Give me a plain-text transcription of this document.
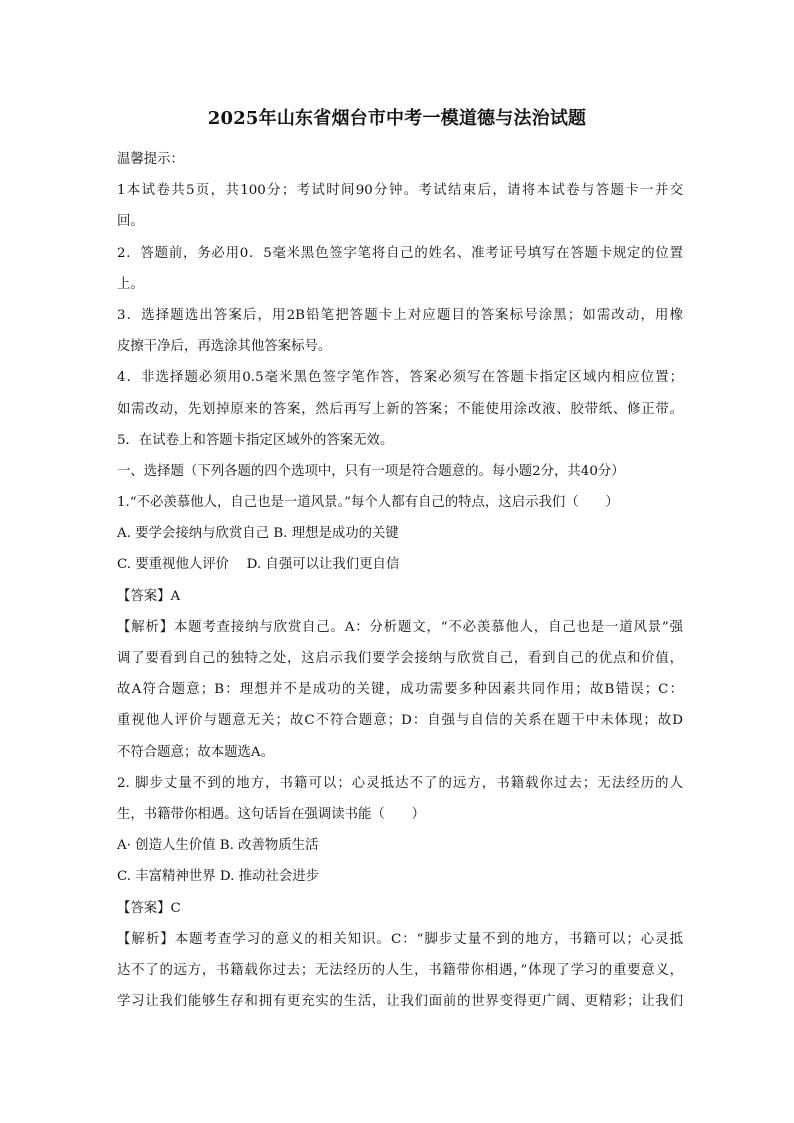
2025年山东省烟台市中考一模道德与法治试题
温馨提示：
1本试卷共5页，共100分；考试时间90分钟。考试结束后，请将本试卷与答题卡一并交
回。
2．答题前，务必用0．5毫米黑色签字笔将自己的姓名、准考证号填写在答题卡规定的位置
上。
3．选择题选出答案后，用2B铅笔把答题卡上对应题目的答案标号涂黑；如需改动，用橡
皮擦干净后，再选涂其他答案标号。
4．非选择题必须用0.5毫米黑色签字笔作答，答案必须写在答题卡指定区域内相应位置；
如需改动，先划掉原来的答案，然后再写上新的答案；不能使用涂改液、胶带纸、修正带。
5．在试卷上和答题卡指定区域外的答案无效。
一、选择题（下列各题的四个选项中，只有一项是符合题意的。每小题2分，共40分）
1.“不必羡慕他人，自己也是一道风景。”每个人都有自己的特点，这启示我们（　　）
A. 要学会接纳与欣赏自己 B. 理想是成功的关键
C. 要重视他人评价　 D. 自强可以让我们更自信
【答案】A
【解析】本题考查接纳与欣赏自己。A：分析题文，“不必羡慕他人，自己也是一道风景”强
调了要看到自己的独特之处，这启示我们要学会接纳与欣赏自己，看到自己的优点和价值，
故A符合题意；B：理想并不是成功的关键，成功需要多种因素共同作用；故B错误；C：
重视他人评价与题意无关；故C不符合题意；D：自强与自信的关系在题干中未体现；故D
不符合题意；故本题选A。
2. 脚步丈量不到的地方，书籍可以；心灵抵达不了的远方，书籍载你过去；无法经历的人
生，书籍带你相遇。这句话旨在强调读书能（　　）
A· 创造人生价值 B. 改善物质生活
C. 丰富精神世界 D. 推动社会进步
【答案】C
【解析】本题考查学习的意义的相关知识。C：“脚步丈量不到的地方，书籍可以；心灵抵
达不了的远方，书籍载你过去；无法经历的人生，书籍带你相遇，”体现了学习的重要意义，
学习让我们能够生存和拥有更充实的生活，让我们面前的世界变得更广阔、更精彩；让我们
